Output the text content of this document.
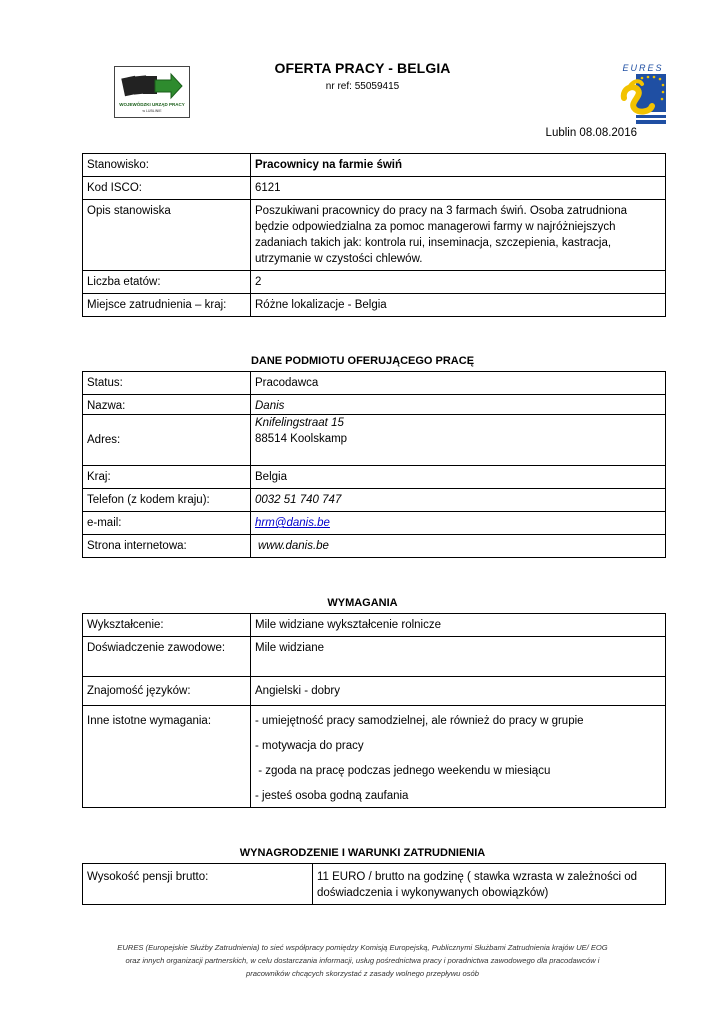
WOJEWÓDZKI URZĄD PRACY
w LUBLINIE
OFERTA PRACY - BELGIA
nr ref: 55059415
EURES
Lublin 08.08.2016
Stanowisko:	Pracownicy na farmie świń
Kod ISCO:	6121
Opis stanowiska	Poszukiwani pracownicy do pracy na 3 farmach świń. Osoba zatrudniona będzie odpowiedzialna za pomoc managerowi farmy w najróżniejszych zadaniach takich jak: kontrola rui, inseminacja, szczepienia, kastracja, utrzymanie w czystości chlewów.
Liczba etatów:	2
Miejsce zatrudnienia – kraj:	Różne lokalizacje - Belgia
DANE PODMIOTU OFERUJĄCEGO PRACĘ
Status:	Pracodawca
Nazwa:	Danis
Adres:	Knifelingstraat 15
88514 Koolskamp

Kraj:	Belgia
Telefon (z kodem kraju):	0032 51 740 747
e-mail:	hrm@danis.be
Strona internetowa:	www.danis.be
WYMAGANIA
Wykształcenie:	Mile widziane wykształcenie rolnicze
Doświadczenie zawodowe:	Mile widziane
Znajomość języków:	Angielski - dobry
Inne istotne wymagania:	- umiejętność pracy samodzielnej, ale również do pracy w grupie

- motywacja do pracy

- zgoda na pracę podczas jednego weekendu w miesiącu

- jesteś osoba godną zaufania

WYNAGRODZENIE I WARUNKI ZATRUDNIENIA
Wysokość pensji brutto:	11 EURO / brutto na godzinę ( stawka wzrasta w zależności od doświadczenia i wykonywanych obowiązków)
EURES (Europejskie Służby Zatrudnienia) to sieć współpracy pomiędzy Komisją Europejską, Publicznymi Służbami Zatrudnienia krajów UE/ EOG
oraz innych organizacji partnerskich, w celu dostarczania informacji, usług pośrednictwa pracy i poradnictwa zawodowego dla pracodawców i
pracowników chcących skorzystać z zasady wolnego przepływu osób
